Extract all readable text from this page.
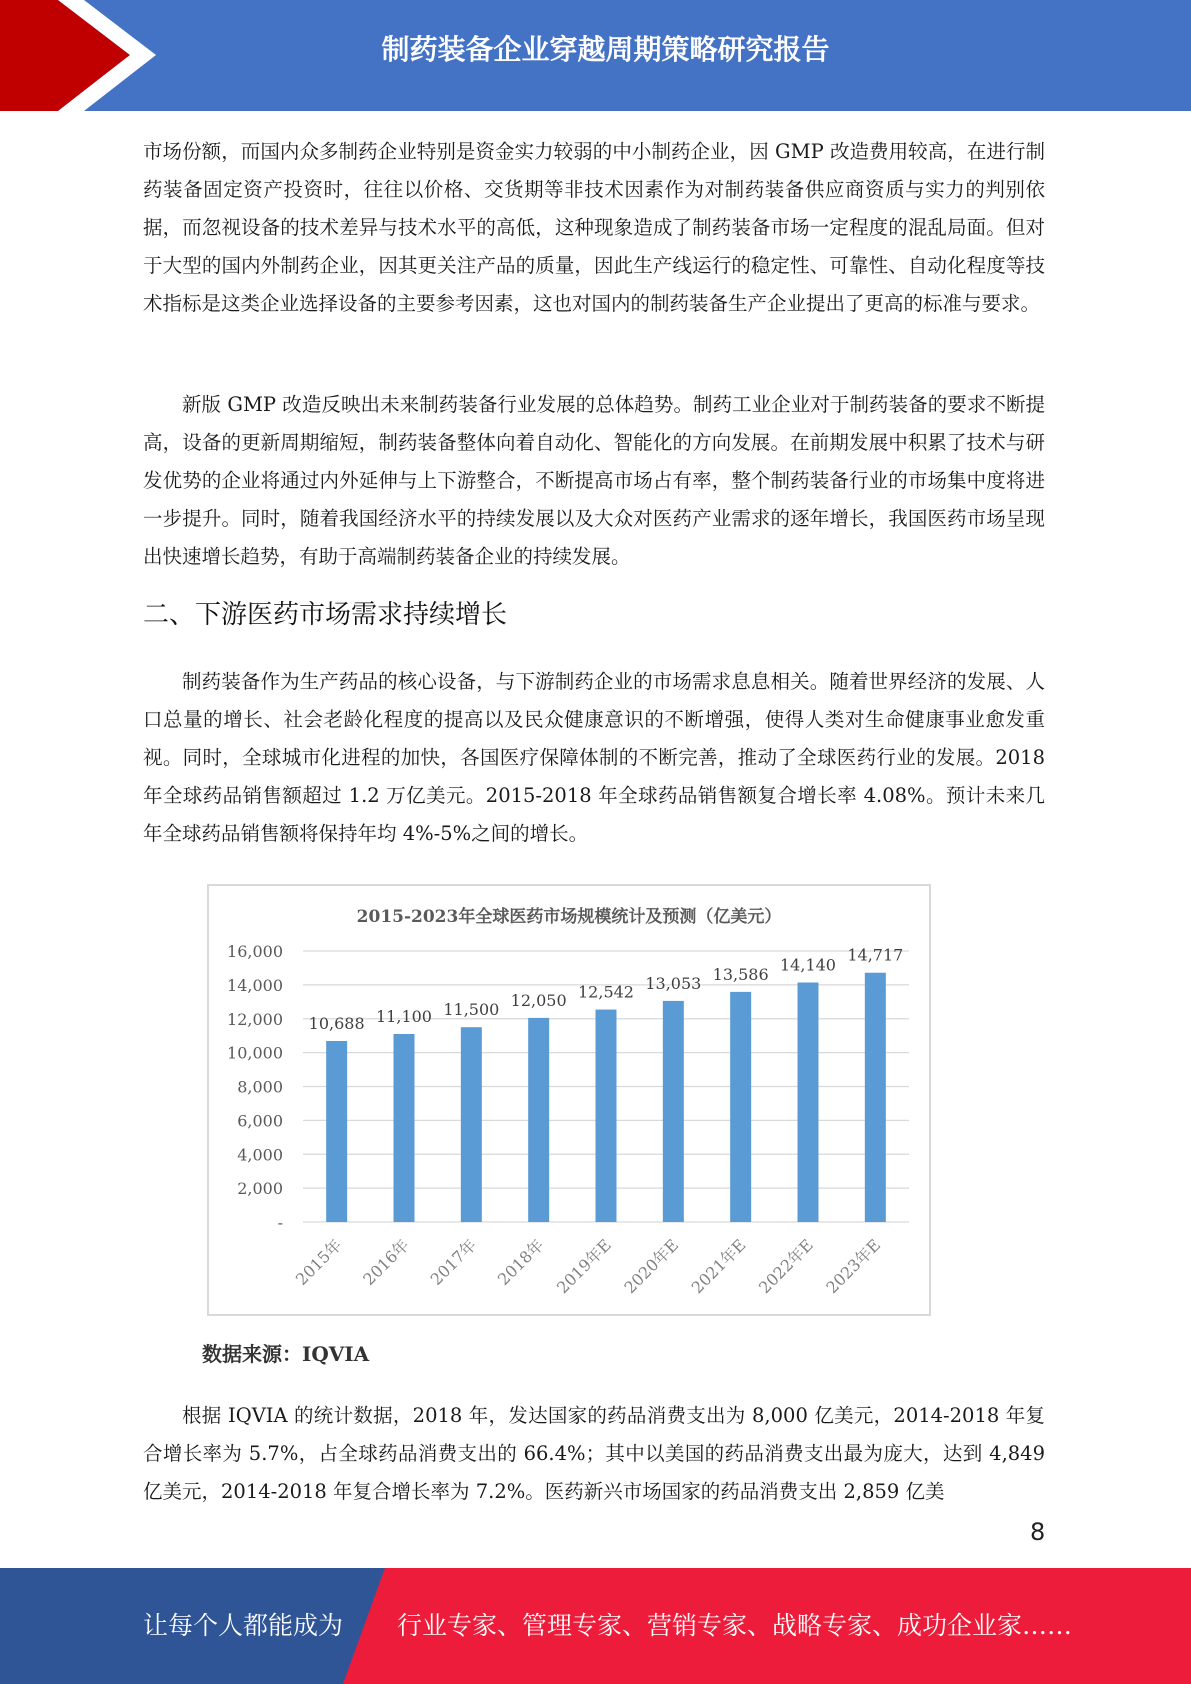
制药装备企业穿越周期策略研究报告

市场份额，而国内众多制药企业特别是资金实力较弱的中小制药企业，因 GMP 改造费用较高，在进行制药装备固定资产投资时，往往以价格、交货期等非技术因素作为对制药装备供应商资质与实力的判别依据，而忽视设备的技术差异与技术水平的高低，这种现象造成了制药装备市场一定程度的混乱局面。但对于大型的国内外制药企业，因其更关注产品的质量，因此生产线运行的稳定性、可靠性、自动化程度等技术指标是这类企业选择设备的主要参考因素，这也对国内的制药装备生产企业提出了更高的标准与要求。

新版 GMP 改造反映出未来制药装备行业发展的总体趋势。制药工业企业对于制药装备的要求不断提高，设备的更新周期缩短，制药装备整体向着自动化、智能化的方向发展。在前期发展中积累了技术与研发优势的企业将通过内外延伸与上下游整合，不断提高市场占有率，整个制药装备行业的市场集中度将进一步提升。同时，随着我国经济水平的持续发展以及大众对医药产业需求的逐年增长，我国医药市场呈现出快速增长趋势，有助于高端制药装备企业的持续发展。

二、下游医药市场需求持续增长

制药装备作为生产药品的核心设备，与下游制药企业的市场需求息息相关。随着世界经济的发展、人口总量的增长、社会老龄化程度的提高以及民众健康意识的不断增强，使得人类对生命健康事业愈发重视。同时，全球城市化进程的加快，各国医疗保障体制的不断完善，推动了全球医药行业的发展。2018 年全球药品销售额超过 1.2 万亿美元。2015-2018 年全球药品销售额复合增长率 4.08%。预计未来几年全球药品销售额将保持年均 4%-5%之间的增长。

2015-2023年全球医药市场规模统计及预测（亿美元）
-
2,000
4,000
6,000
8,000
10,000
12,000
14,000
16,000
10,688 11,100 11,500 12,050 12,542 13,053 13,586 14,140
14,717
2015年 2016年 2017年 2018年 2019年E 2020年E 2021年E 2022年E 2023年E

数据来源：IQVIA

根据 IQVIA 的统计数据，2018 年，发达国家的药品消费支出为 8,000 亿美元，2014-2018 年复合增长率为 5.7%，占全球药品消费支出的 66.4%；其中以美国的药品消费支出最为庞大，达到 4,849 亿美元，2014-2018 年复合增长率为 7.2%。医药新兴市场国家的药品消费支出 2,859 亿美

8
让每个人都能成为 行业专家、管理专家、营销专家、战略专家、成功企业家……
